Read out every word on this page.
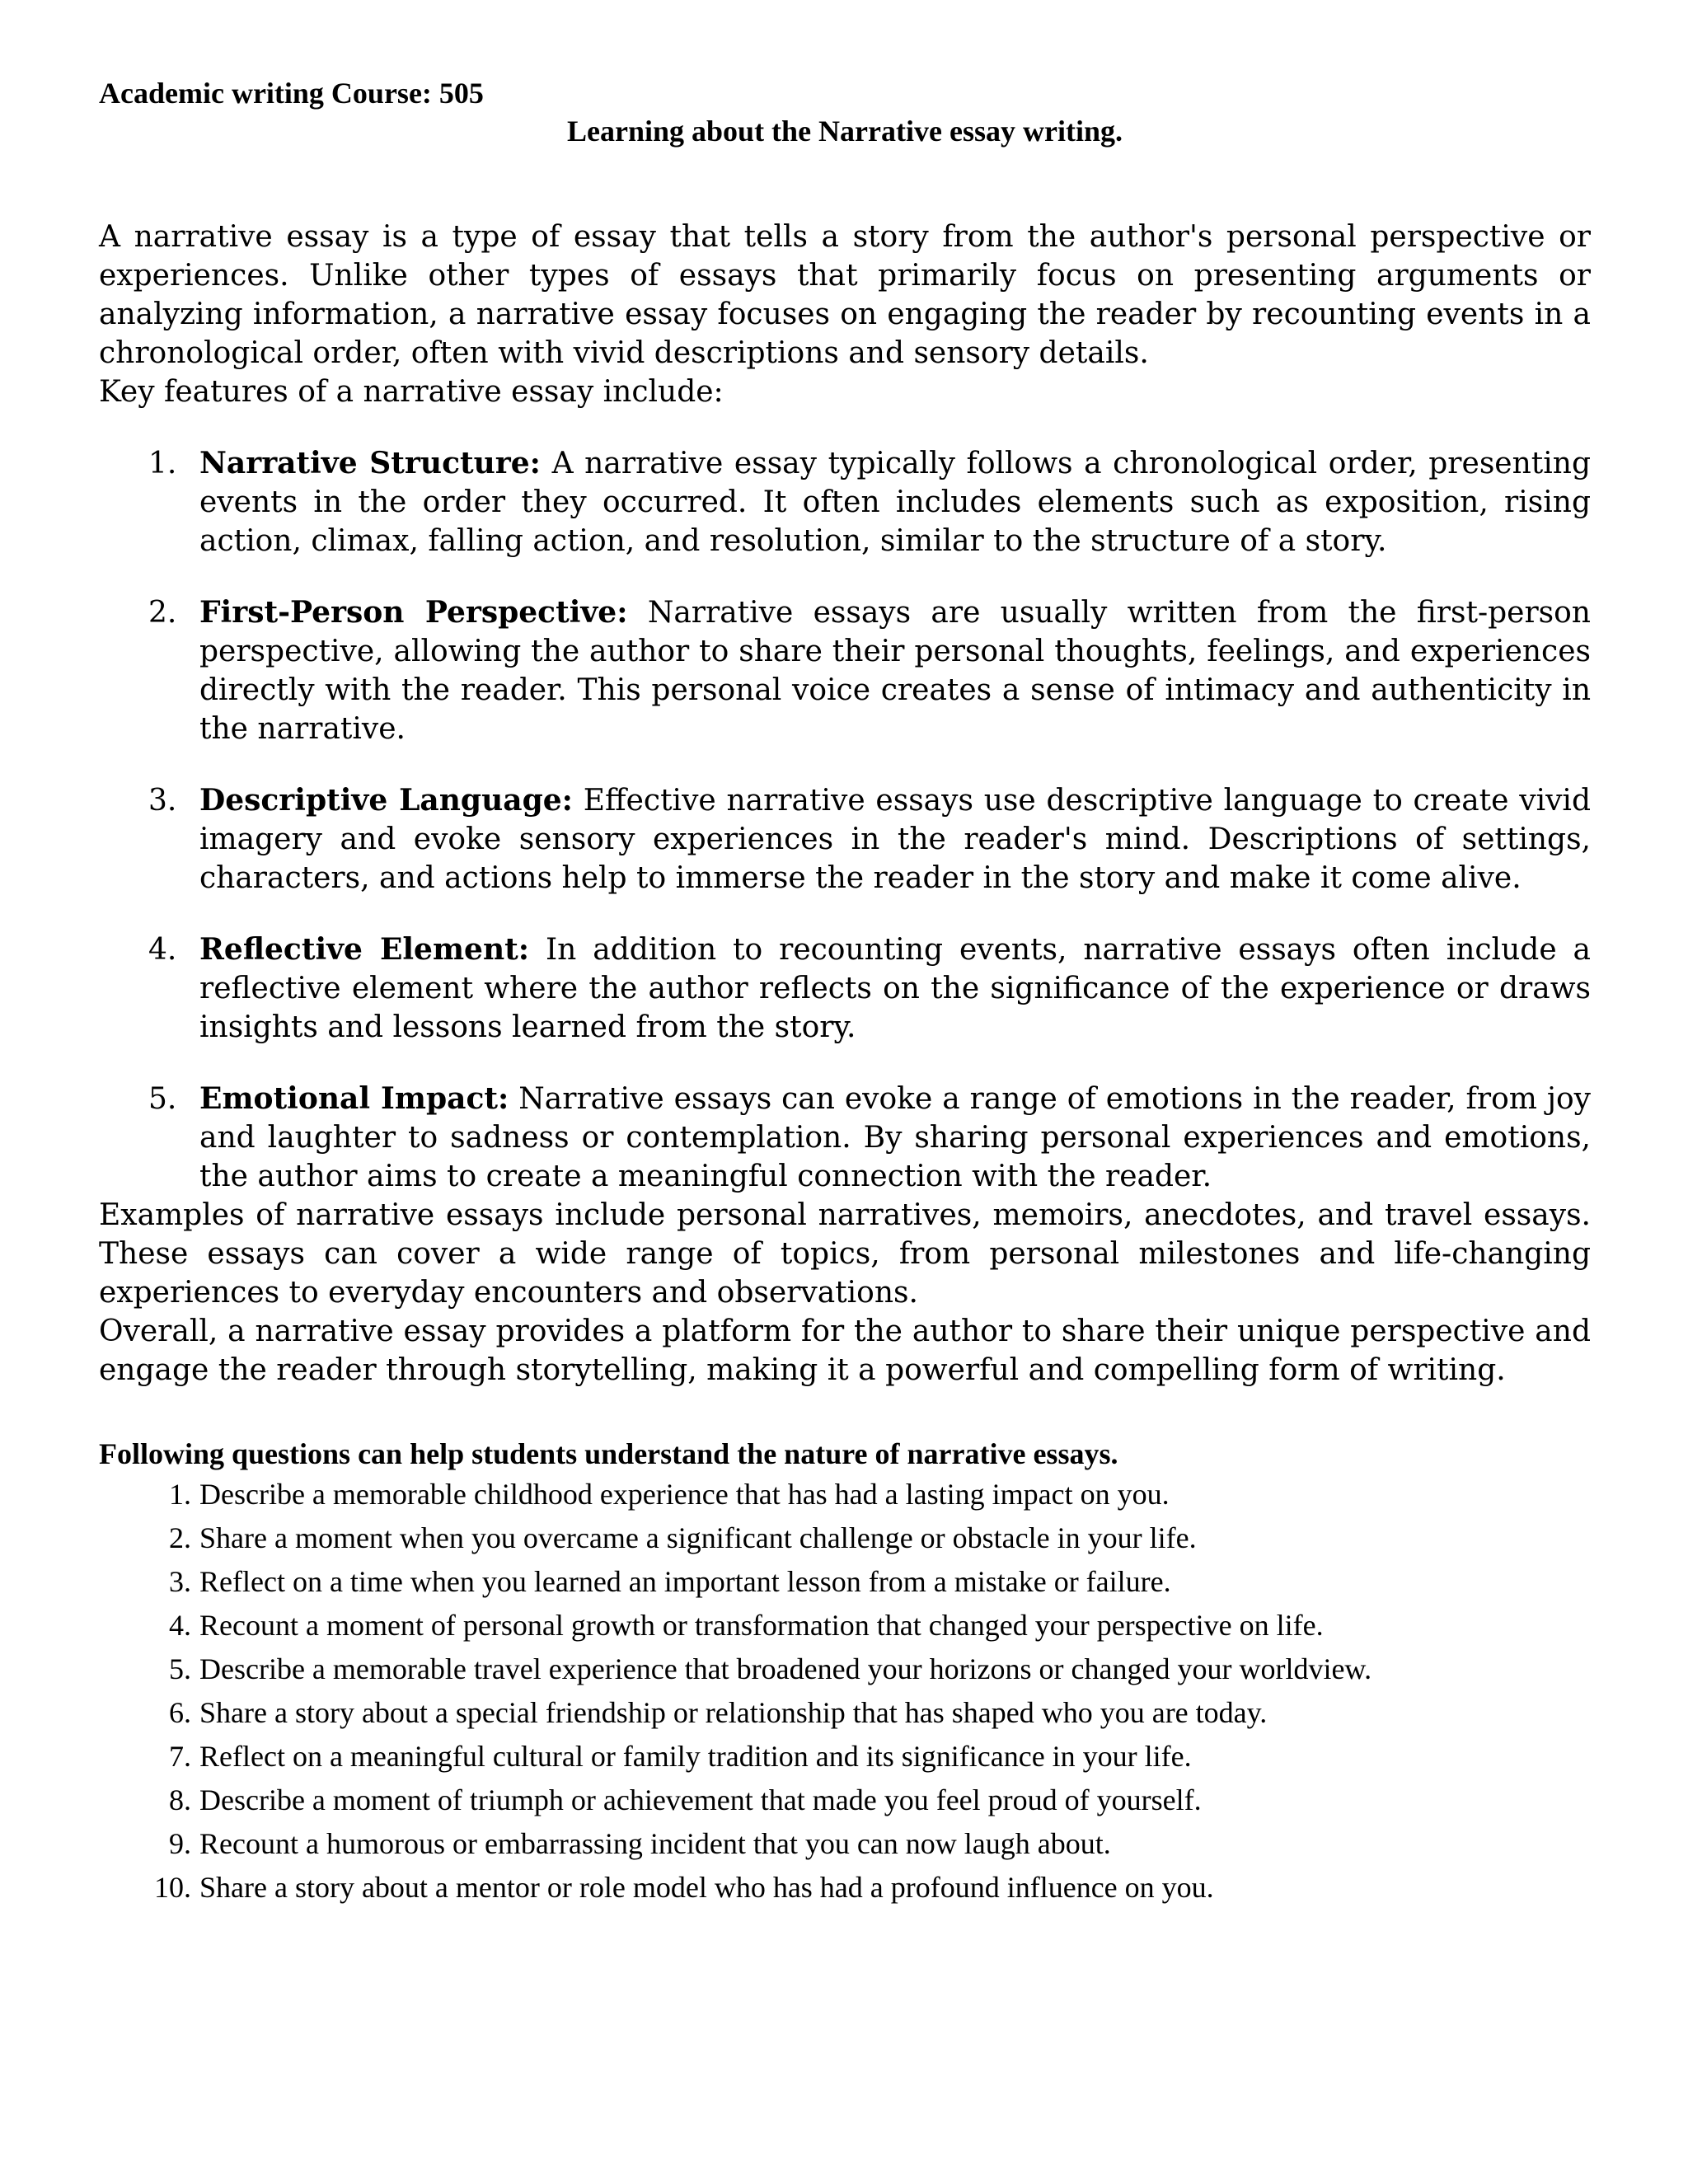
Academic writing Course: 505

Learning about the Narrative essay writing.

A narrative essay is a type of essay that tells a story from the author's personal perspective or experiences. Unlike other types of essays that primarily focus on presenting arguments or analyzing information, a narrative essay focuses on engaging the reader by recounting events in a chronological order, often with vivid descriptions and sensory details.

Key features of a narrative essay include:

1. Narrative Structure: A narrative essay typically follows a chronological order, presenting events in the order they occurred. It often includes elements such as exposition, rising action, climax, falling action, and resolution, similar to the structure of a story.
2. First-Person Perspective: Narrative essays are usually written from the first-person perspective, allowing the author to share their personal thoughts, feelings, and experiences directly with the reader. This personal voice creates a sense of intimacy and authenticity in the narrative.
3. Descriptive Language: Effective narrative essays use descriptive language to create vivid imagery and evoke sensory experiences in the reader's mind. Descriptions of settings, characters, and actions help to immerse the reader in the story and make it come alive.
4. Reflective Element: In addition to recounting events, narrative essays often include a reflective element where the author reflects on the significance of the experience or draws insights and lessons learned from the story.
5. Emotional Impact: Narrative essays can evoke a range of emotions in the reader, from joy and laughter to sadness or contemplation. By sharing personal experiences and emotions, the author aims to create a meaningful connection with the reader.

Examples of narrative essays include personal narratives, memoirs, anecdotes, and travel essays. These essays can cover a wide range of topics, from personal milestones and life-changing experiences to everyday encounters and observations.

Overall, a narrative essay provides a platform for the author to share their unique perspective and engage the reader through storytelling, making it a powerful and compelling form of writing.

Following questions can help students understand the nature of narrative essays.

1. Describe a memorable childhood experience that has had a lasting impact on you.
2. Share a moment when you overcame a significant challenge or obstacle in your life.
3. Reflect on a time when you learned an important lesson from a mistake or failure.
4. Recount a moment of personal growth or transformation that changed your perspective on life.
5. Describe a memorable travel experience that broadened your horizons or changed your worldview.
6. Share a story about a special friendship or relationship that has shaped who you are today.
7. Reflect on a meaningful cultural or family tradition and its significance in your life.
8. Describe a moment of triumph or achievement that made you feel proud of yourself.
9. Recount a humorous or embarrassing incident that you can now laugh about.
10. Share a story about a mentor or role model who has had a profound influence on you.
